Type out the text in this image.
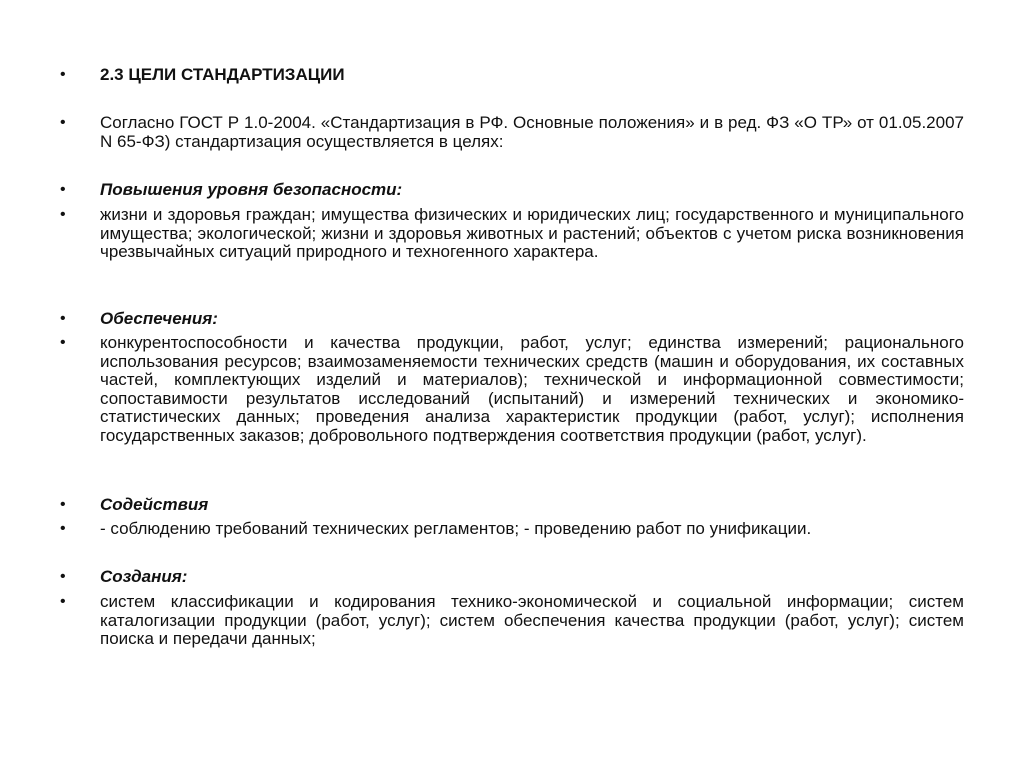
• 2.3 ЦЕЛИ СТАНДАРТИЗАЦИИ

• Согласно ГОСТ Р 1.0-2004. «Стандартизация в РФ. Основные положения» и в ред. ФЗ «О ТР» от 01.05.2007 N 65-ФЗ) стандартизация осуществляется в целях:

• Повышения уровня безопасности:

• жизни и здоровья граждан; имущества физических и юридических лиц; государственного и муниципального имущества; экологической; жизни и здоровья животных и растений; объектов с учетом риска возникновения чрезвычайных ситуаций природного и техногенного характера.

• Обеспечения:

• конкурентоспособности и качества продукции, работ, услуг; единства измерений; рационального использования ресурсов; взаимозаменяемости технических средств (машин и оборудования, их составных частей, комплектующих изделий и материалов); технической и информационной совместимости; сопоставимости результатов исследований (испытаний) и измерений технических и экономико-статистических данных; проведения анализа характеристик продукции (работ, услуг); исполнения государственных заказов; добровольного подтверждения соответствия продукции (работ, услуг).

• Содействия

• - соблюдению требований технических регламентов; - проведению работ по унификации.

• Создания:

• систем классификации и кодирования технико-экономической и социальной информации; систем каталогизации продукции (работ, услуг); систем обеспечения качества продукции (работ, услуг); систем поиска и передачи данных;
